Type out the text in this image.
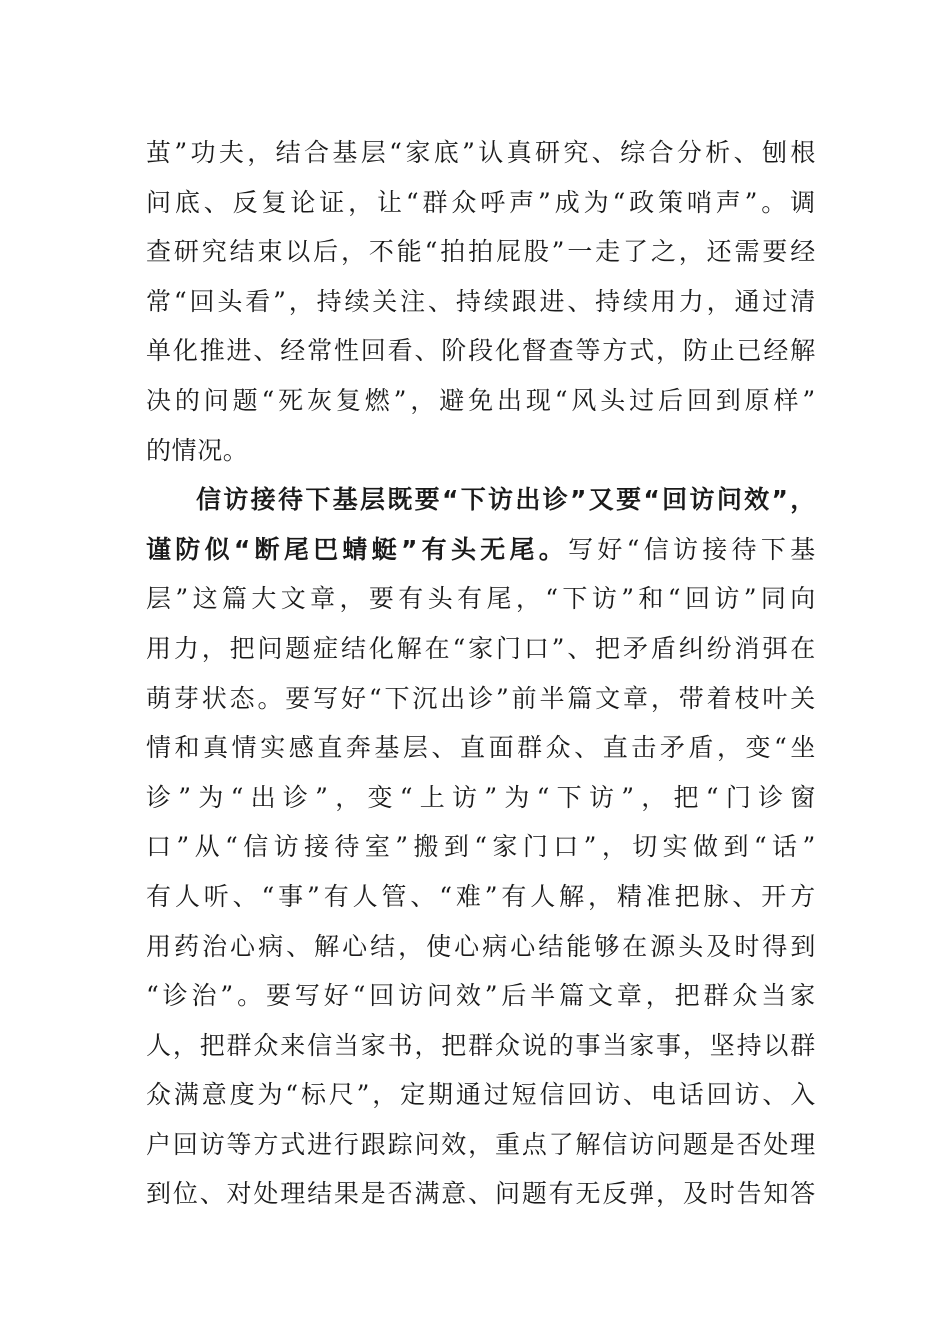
茧 ” 功 夫 ， 结 合 基 层 “ 家 底 ” 认 真 研 究 、 综 合 分 析 、 刨 根
问 底 、 反 复 论 证 ， 让 “ 群 众 呼 声 ” 成 为 “ 政 策 哨 声 ” 。 调
查 研 究 结 束 以 后 ， 不 能 “ 拍 拍 屁 股 ” 一 走 了 之 ， 还 需 要 经
常 “ 回 头 看 ” ， 持 续 关 注 、 持 续 跟 进 、 持 续 用 力 ， 通 过 清
单 化 推 进 、 经 常 性 回 看 、 阶 段 化 督 查 等 方 式 ， 防 止 已 经 解
决 的 问 题 “ 死 灰 复 燃 ” ， 避 免 出 现 “ 风 头 过 后 回 到 原 样 ”
的情况。
信 访 接 待 下 基 层 既 要 “ 下 访 出 诊 ” 又 要 “ 回 访 问 效 ” ，
谨 防 似 “ 断 尾 巴 蜻 蜓 ” 有 头 无 尾 。 写 好 “ 信 访 接 待 下 基
层 ” 这 篇 大 文 章 ， 要 有 头 有 尾 ， “ 下 访 ” 和 “ 回 访 ” 同 向
用 力 ， 把 问 题 症 结 化 解 在 “ 家 门 口 ” 、 把 矛 盾 纠 纷 消 弭 在
萌 芽 状 态 。 要 写 好 “ 下 沉 出 诊 ” 前 半 篇 文 章 ， 带 着 枝 叶 关
情 和 真 情 实 感 直 奔 基 层 、 直 面 群 众 、 直 击 矛 盾 ， 变 “ 坐
诊 ” 为 “ 出 诊 ” ， 变 “ 上 访 ” 为 “ 下 访 ” ， 把 “ 门 诊 窗
口 ” 从 “ 信 访 接 待 室 ” 搬 到 “ 家 门 口 ” ， 切 实 做 到 “ 话 ”
有 人 听 、 “ 事 ” 有 人 管 、 “ 难 ” 有 人 解 ， 精 准 把 脉 、 开 方
用 药 治 心 病 、 解 心 结 ， 使 心 病 心 结 能 够 在 源 头 及 时 得 到
“ 诊 治 ” 。 要 写 好 “ 回 访 问 效 ” 后 半 篇 文 章 ， 把 群 众 当 家
人 ， 把 群 众 来 信 当 家 书 ， 把 群 众 说 的 事 当 家 事 ， 坚 持 以 群
众 满 意 度 为 “ 标 尺 ” ， 定 期 通 过 短 信 回 访 、 电 话 回 访 、 入
户 回 访 等 方 式 进 行 跟 踪 问 效 ， 重 点 了 解 信 访 问 题 是 否 处 理
到 位 、 对 处 理 结 果 是 否 满 意 、 问 题 有 无 反 弹 ， 及 时 告 知 答
